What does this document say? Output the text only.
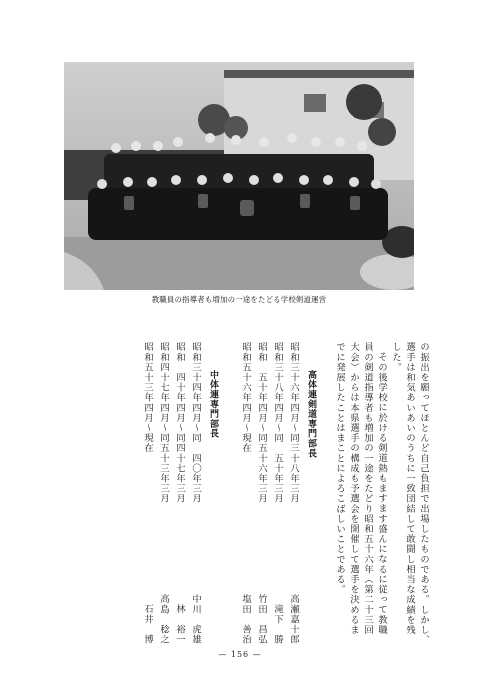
教職員の指導者も増加の一途をたどる学校剣道運営
の振出を願ってほとんど自己負担で出場したものである。しかし、
選手は和気あいあいのうちに一致団結して敢闘し相当な成績を残
した。
その後学校に於ける剣道熱もますます盛んになるに従って教職
員の剣道指導者も増加の一途をたどり昭和五十六年（第二十三回
大会）からは本県選手の構成も予選会を開催して選手を決めるま
でに発展したことはまことによろこばしいことである。
高体連剣道専門部長
昭和三十六年四月～同三十八年三月
高瀬嘉十郎
昭和三十八年四月～同　五十年三月
滝下　勝
昭和　五十年四月～同五十六年三月
竹田　昌弘
昭和五十六年四月～現在
塩田　善治
中体連専門部長
昭和三十四年四月～同　四〇年三月
中川　虎雄
昭和　四十年四月～同四十七年三月
林　裕一
昭和四十七年四月～同五十三年三月
高島　稔之
昭和五十三年四月～現在
石井　博
— 156 —
